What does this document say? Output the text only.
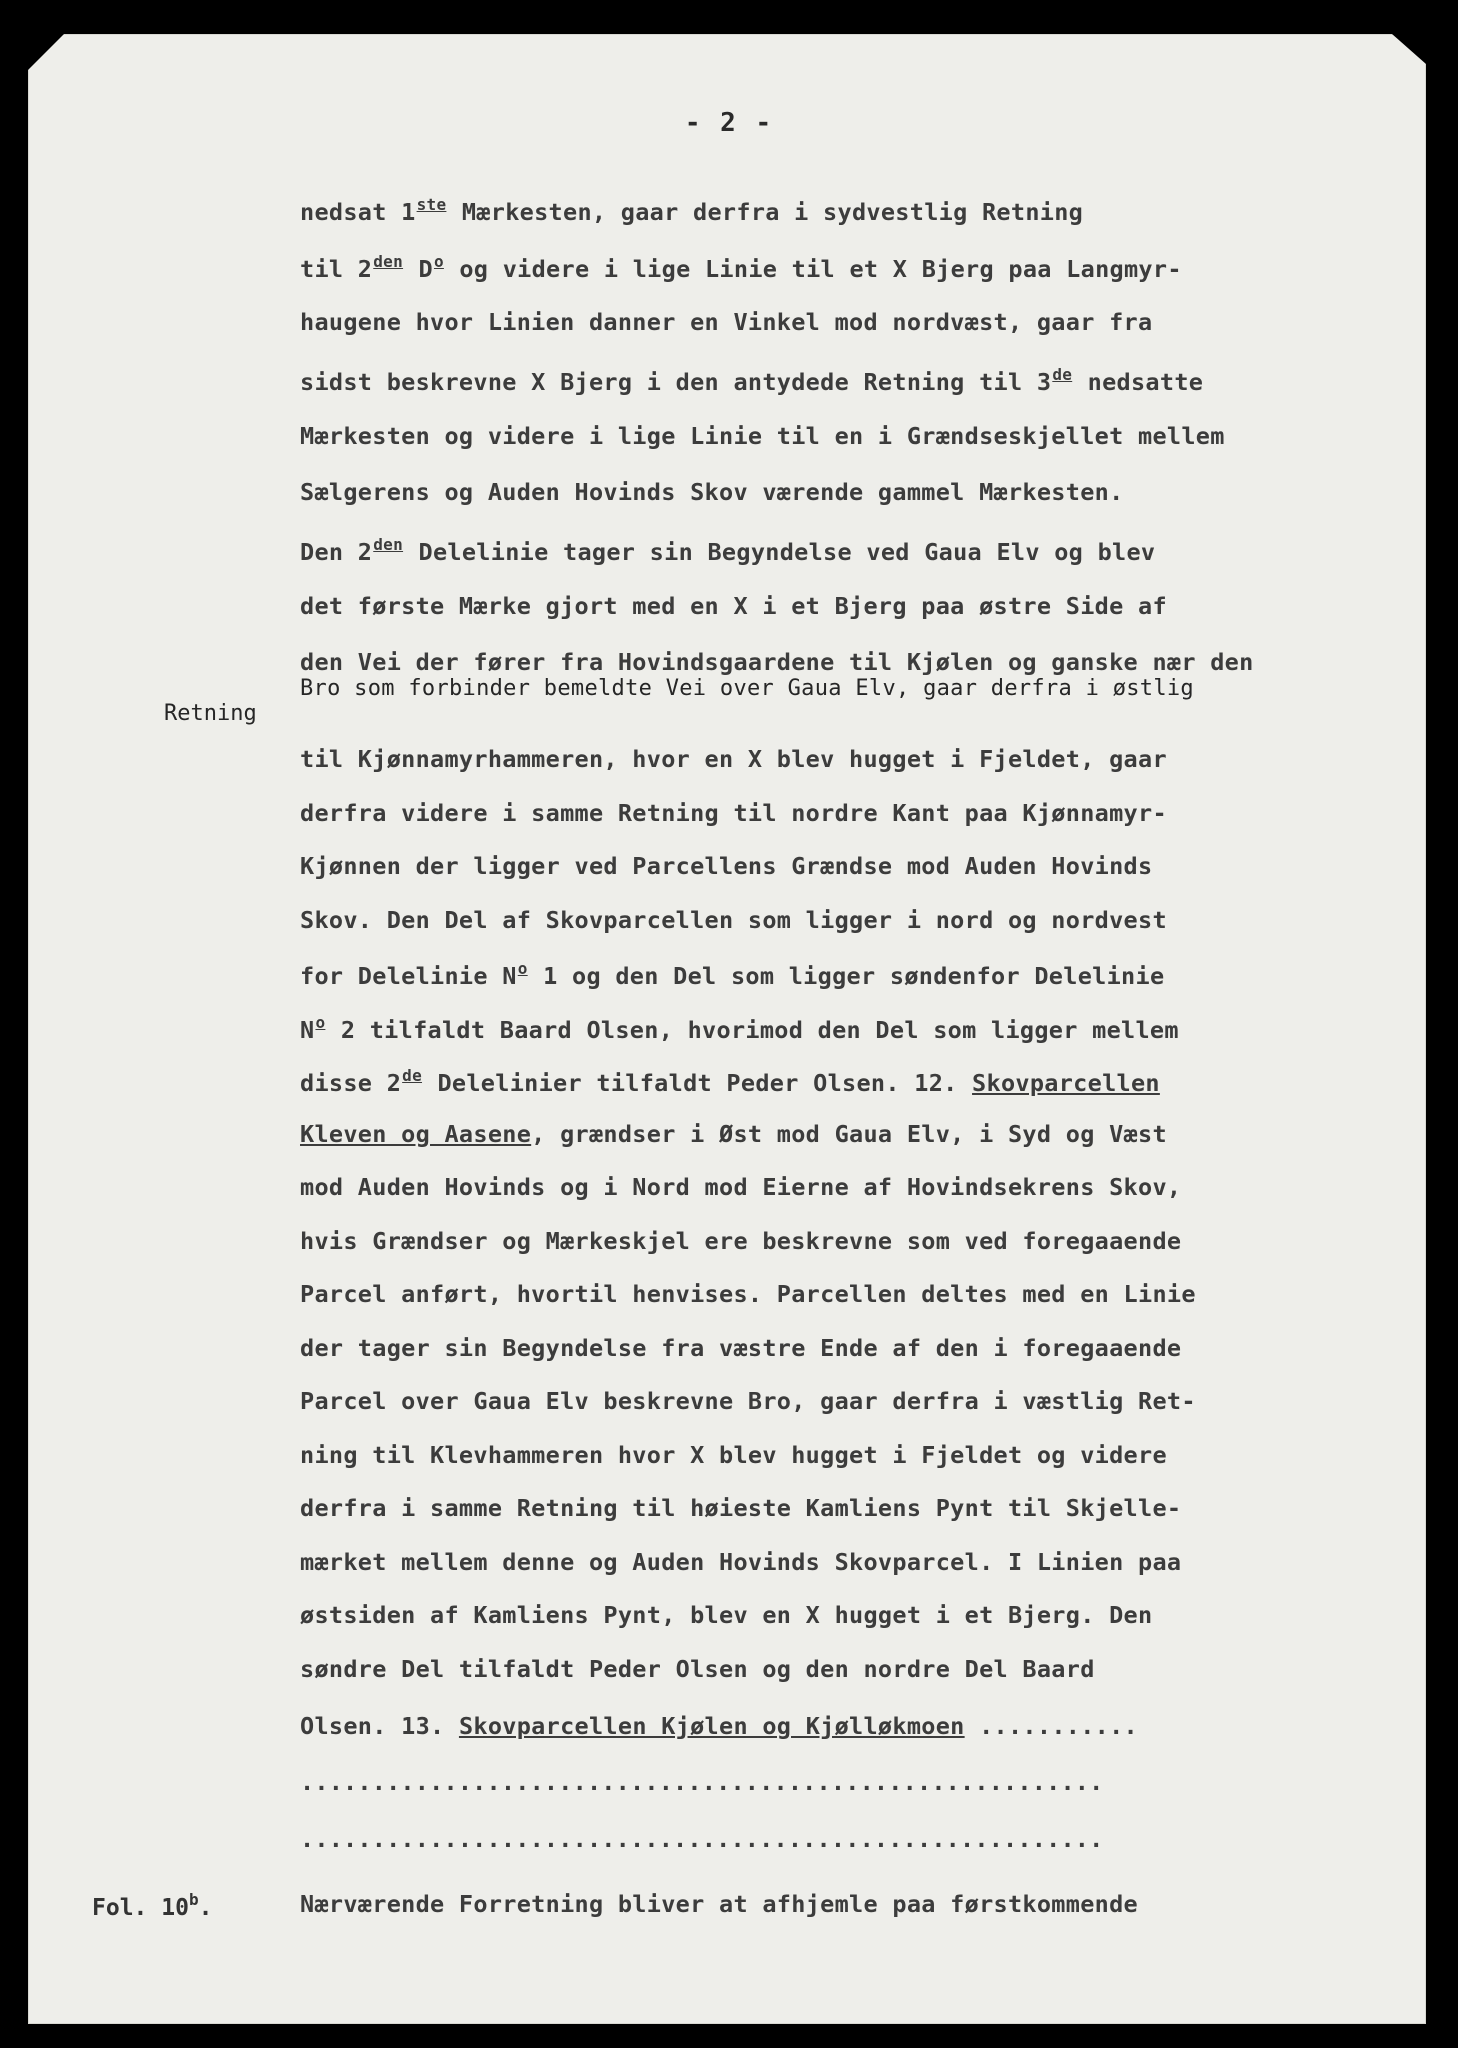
- 2 -
nedsat 1ste Mærkesten, gaar derfra i sydvestlig Retning
til $2^{den}$ $D^o$ og videre i lige Linie til et X Bjerg paa Langmyr-
haugene hvor Linien danner en Vinkel mod nordvæst, gaar fra
sidst beskrevne X Bjerg i den antydede Retning til 3de nedsatte
Mærkesten og videre i lige Linie til en i Grændseskjellet mellem
Sælgerens og Auden Hovinds Skov værende gammel Mærkesten.
Den $2^{den}$ Delelinie tager sin Begyndelse ved Gaua Elv og blev
det første Mærke gjort med en X i et Bjerg paa østre Side af
den Vei der fører fra Hovindsgaardene til Kjølen og ganske nær den
Bro som forbinder bemeldte Vei over Gaua Elv, gaar derfra i østlig
til Kjønnamyrhammeren, hvor en X blev hugget i Fjeldet, gaar
derfra videre i samme Retning til nordre Kant paa Kjønnamyr-
Kjønnen der ligger ved Parcellens Grændse mod Auden Hovinds
Skov. Den Del af Skovparcellen som ligger i nord og nordvest
for Delelinie $N^o$ 1 og den Del som ligger søndenfor Delelinie
$N^o$ 2 tilfaldt Baard Olsen, hvorimod den Del som ligger mellem
disse 2de Delelinier tilfaldt Peder Olsen. 12. Skovparcellen
Kleven og Aasene, grændser i Øst mod Gaua Elv, i Syd og Væst
mod Auden Hovinds og i Nord mod Eierne af Hovindsekrens Skov,
hvis Grændser og Mærkeskjel ere beskrevne som ved foregaaende
Parcel anført, hvortil henvises. Parcellen deltes med en Linie
der tager sin Begyndelse fra væstre Ende af den i foregaaende
Parcel over Gaua Elv beskrevne Bro, gaar derfra i væstlig Ret-
ning til Klevhammeren hvor X blev hugget i Fjeldet og videre
derfra i samme Retning til høieste Kamliens Pynt til Skjelle-
mærket mellem denne og Auden Hovinds Skovparcel. I Linien paa
østsiden af Kamliens Pynt, blev en X hugget i et Bjerg. Den
søndre Del tilfaldt Peder Olsen og den nordre Del Baard
Olsen. 13. Skovparcellen Kjølen og Kjølløkmoen ...........
........................................................
........................................................
Nærværende Forretning bliver at afhjemle paa førstkommende
Retning
Fol. 10$^b$.
